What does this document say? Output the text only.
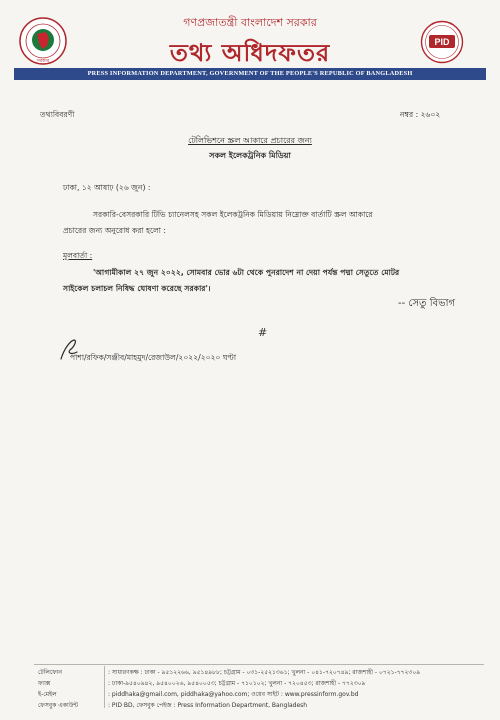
সরকার
PID
গণপ্রজাতন্ত্রী বাংলাদেশ সরকার
তথ্য অধিদফতর
PRESS INFORMATION DEPARTMENT, GOVERNMENT OF THE PEOPLE'S REPUBLIC OF BANGLADESH
তথ্যবিবরণী	নম্বর : ২৬০২
টেলিভিশনে স্ক্রল আকারে প্রচারের জন্য
সকল ইলেকট্রনিক মিডিয়া
ঢাকা, ১২ আষাঢ় (২৬ জুন) :
সরকারি-বেসরকারি টিভি চ্যানেলসহ সকল ইলেকট্রনিক মিডিয়ায় নিম্নোক্ত বার্তাটি স্ক্রল আকারে
প্রচারের জন্য অনুরোধ করা হলো :
মূলবার্তা :
'আগামীকাল ২৭ জুন ২০২২, সোমবার ভোর ৬টা থেকে পুনরাদেশ না দেয়া পর্যন্ত পদ্মা সেতুতে মোটর
সাইকেল চলাচল নিষিদ্ধ ঘোষণা করেছে সরকার'।
-- সেতু বিভাগ
#
পাশা/রফিক/সঞ্জীব/মাহমুদ/রেজাউল/২০২২/২০২০ ঘণ্টা
টেলিফোন	: সাধারণকক্ষ : ঢাকা - ৯৫১২২৬৬, ৯৫১৪৯৮৮; চট্টগ্রাম - ০৩১-২৫২১৩৬১; খুলনা - ০৪১-৭২০৭৪৯; রাজশাহী - ০৭২১-৭৭২৩০৯
ফ্যাক্স	: ঢাকা-৯৫৪০৯৪২, ৯৫৪০০২৬, ৯৫৪০০৫৩; চট্টগ্রাম - ৭১০১০২; খুলনা - ৭২০৪৫৩; রাজশাহী - ৭৭২৩০৯
ই-মেইল	: piddhaka@gmail.com, piddhaka@yahoo.com; ওয়েব সাইট : www.pressinform.gov.bd
ফেসবুক একাউন্ট	: PID BD, ফেসবুক পেইজ : Press Information Department, Bangladesh
